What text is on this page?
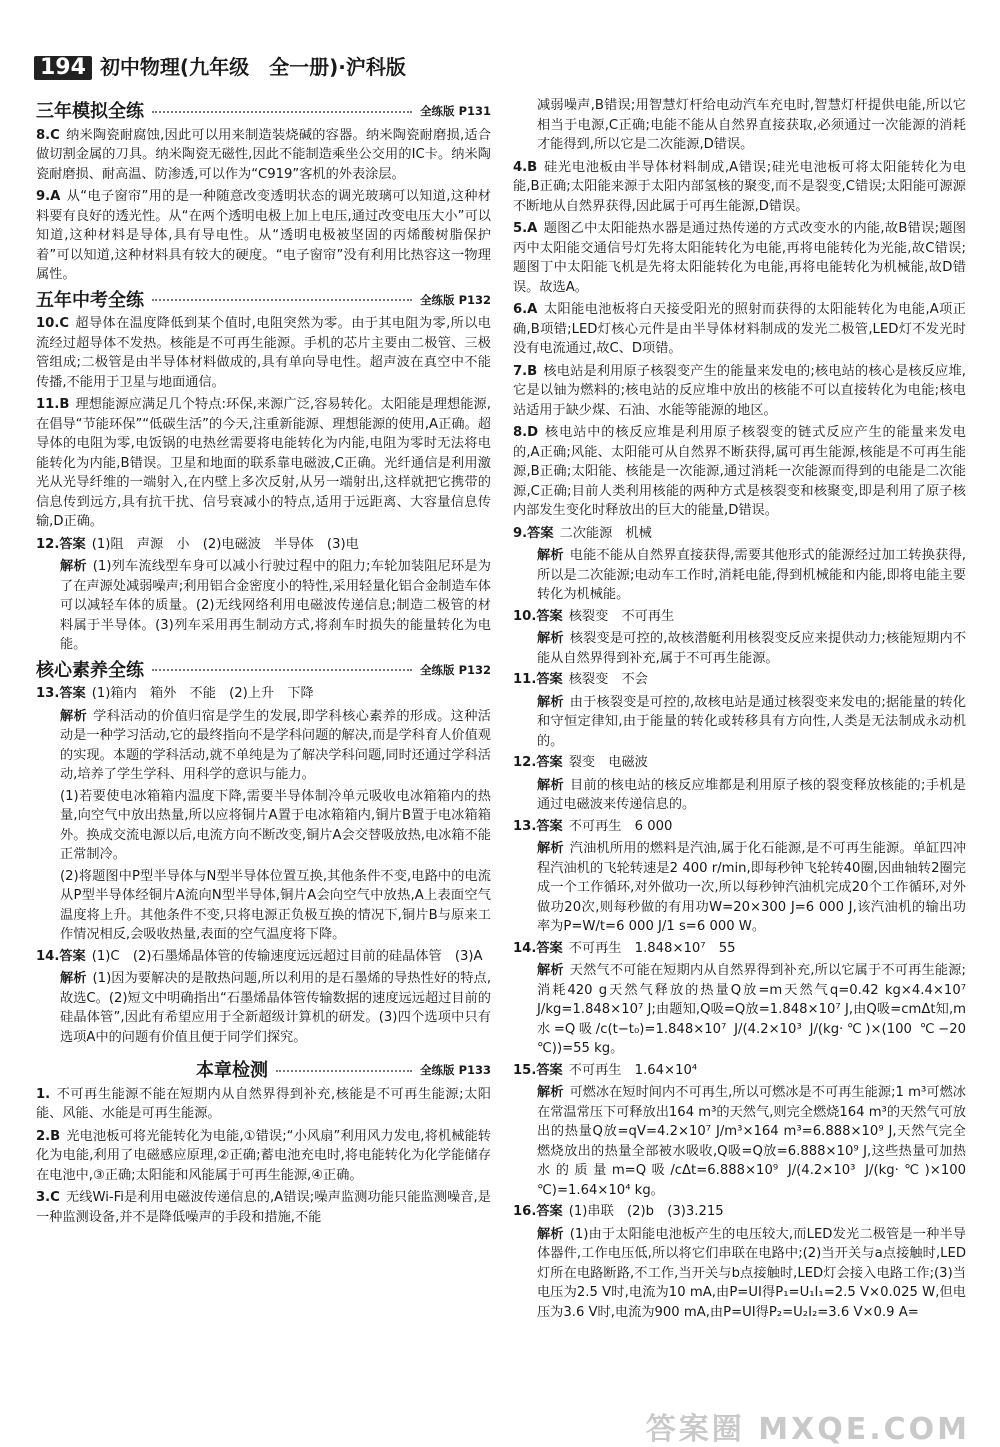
194 初中物理(九年级　全一册)·沪科版
三年模拟全练	全练版 P131

8.C 纳米陶瓷耐腐蚀,因此可以用来制造装烧碱的容器。纳米陶瓷耐磨损,适合做切割金属的刀具。纳米陶瓷无磁性,因此不能制造乘坐公交用的IC卡。纳米陶瓷耐磨损、耐高温、防渗透,可以作为“C919”客机的外表涂层。

9.A 从“电子窗帘”用的是一种随意改变透明状态的调光玻璃可以知道,这种材料要有良好的透光性。从“在两个透明电极上加上电压,通过改变电压大小”可以知道,这种材料是导体,具有导电性。从“透明电极被坚固的丙烯酸树脂保护着”可以知道,这种材料具有较大的硬度。“电子窗帘”没有利用比热容这一物理属性。

五年中考全练	全练版 P132

10.C 超导体在温度降低到某个值时,电阻突然为零。由于其电阻为零,所以电流经过超导体不发热。核能是不可再生能源。手机的芯片主要由二极管、三极管组成;二极管是由半导体材料做成的,具有单向导电性。超声波在真空中不能传播,不能用于卫星与地面通信。

11.B 理想能源应满足几个特点:环保,来源广泛,容易转化。太阳能是理想能源,在倡导“节能环保”“低碳生活”的今天,注重新能源、理想能源的使用,A正确。超导体的电阻为零,电饭锅的电热丝需要将电能转化为内能,电阻为零时无法将电能转化为内能,B错误。卫星和地面的联系靠电磁波,C正确。光纤通信是利用激光从光导纤维的一端射入,在内壁上多次反射,从另一端射出,这样就把它携带的信息传到远方,具有抗干扰、信号衰减小的特点,适用于远距离、大容量信息传输,D正确。

12.答案 (1)阻　声源　小　(2)电磁波　半导体　(3)电

解析 (1)列车流线型车身可以减小行驶过程中的阻力;车轮加装阻尼环是为了在声源处减弱噪声;利用铝合金密度小的特性,采用轻量化铝合金制造车体可以减轻车体的质量。(2)无线网络利用电磁波传递信息;制造二极管的材料属于半导体。(3)列车采用再生制动方式,将刹车时损失的能量转化为电能。

核心素养全练	全练版 P132

13.答案 (1)箱内　箱外　不能　(2)上升　下降

解析 学科活动的价值归宿是学生的发展,即学科核心素养的形成。这种活动是一种学习活动,它的最终指向不是学科问题的解决,而是学科育人价值观的实现。本题的学科活动,就不单纯是为了解决学科问题,同时还通过学科活动,培养了学生学科、用科学的意识与能力。

(1)若要使电冰箱箱内温度下降,需要半导体制冷单元吸收电冰箱箱内的热量,向空气中放出热量,所以应将铜片A置于电冰箱箱内,铜片B置于电冰箱箱外。换成交流电源以后,电流方向不断改变,铜片A会交替吸放热,电冰箱不能正常制冷。

(2)将题图中P型半导体与N型半导体位置互换,其他条件不变,电路中的电流从P型半导体经铜片A流向N型半导体,铜片A会向空气中放热,A上表面空气温度将上升。其他条件不变,只将电源正负极互换的情况下,铜片B与原来工作情况相反,会吸收热量,表面的空气温度将下降。

14.答案 (1)C　(2)石墨烯晶体管的传输速度远远超过目前的硅晶体管　(3)A

解析 (1)因为要解决的是散热问题,所以利用的是石墨烯的导热性好的特点,故选C。(2)短文中明确指出“石墨烯晶体管传输数据的速度远远超过目前的硅晶体管”,因此有希望应用于全新超级计算机的研发。(3)四个选项中只有选项A中的问题有价值且便于同学们探究。

本章检测	全练版 P133

1. 不可再生能源不能在短期内从自然界得到补充,核能是不可再生能源;太阳能、风能、水能是可再生能源。

2.B 光电池板可将光能转化为电能,①错误;“小风扇”利用风力发电,将机械能转化为电能,利用了电磁感应原理,②正确;蓄电池充电时,将电能转化为化学能储存在电池中,③正确;太阳能和风能属于可再生能源,④正确。

3.C 无线Wi-Fi是利用电磁波传递信息的,A错误;噪声监测功能只能监测噪音,是一种监测设备,并不是降低噪声的手段和措施,不能

减弱噪声,B错误;用智慧灯杆给电动汽车充电时,智慧灯杆提供电能,所以它相当于电源,C正确;电能不能从自然界直接获取,必须通过一次能源的消耗才能得到,所以它是二次能源,D错误。

4.B 硅光电池板由半导体材料制成,A错误;硅光电池板可将太阳能转化为电能,B正确;太阳能来源于太阳内部氢核的聚变,而不是裂变,C错误;太阳能可源源不断地从自然界获得,因此属于可再生能源,D错误。

5.A 题图乙中太阳能热水器是通过热传递的方式改变水的内能,故B错误;题图丙中太阳能交通信号灯先将太阳能转化为电能,再将电能转化为光能,故C错误;题图丁中太阳能飞机是先将太阳能转化为电能,再将电能转化为机械能,故D错误。故选A。

6.A 太阳能电池板将白天接受阳光的照射而获得的太阳能转化为电能,A项正确,B项错;LED灯核心元件是由半导体材料制成的发光二极管,LED灯不发光时没有电流通过,故C、D项错。

7.B 核电站是利用原子核裂变产生的能量来发电的;核电站的核心是核反应堆,它是以铀为燃料的;核电站的反应堆中放出的核能不可以直接转化为电能;核电站适用于缺少煤、石油、水能等能源的地区。

8.D 核电站中的核反应堆是利用原子核裂变的链式反应产生的能量来发电的,A正确;风能、太阳能可从自然界不断获得,属可再生能源,核能是不可再生能源,B正确;太阳能、核能是一次能源,通过消耗一次能源而得到的电能是二次能源,C正确;目前人类利用核能的两种方式是核裂变和核聚变,即是利用了原子核内部发生变化时释放出的巨大的能量,D错误。

9.答案 二次能源　机械

解析 电能不能从自然界直接获得,需要其他形式的能源经过加工转换获得,所以是二次能源;电动车工作时,消耗电能,得到机械能和内能,即将电能主要转化为机械能。

10.答案 核裂变　不可再生

解析 核裂变是可控的,故核潜艇利用核裂变反应来提供动力;核能短期内不能从自然界得到补充,属于不可再生能源。

11.答案 核裂变　不会

解析 由于核裂变是可控的,故核电站是通过核裂变来发电的;据能量的转化和守恒定律知,由于能量的转化或转移具有方向性,人类是无法制成永动机的。

12.答案 裂变　电磁波

解析 目前的核电站的核反应堆都是利用原子核的裂变释放核能的;手机是通过电磁波来传递信息的。

13.答案 不可再生　6 000

解析 汽油机所用的燃料是汽油,属于化石能源,是不可再生能源。单缸四冲程汽油机的飞轮转速是2 400 r/min,即每秒钟飞轮转40圈,因曲轴转2圈完成一个工作循环,对外做功一次,所以每秒钟汽油机完成20个工作循环,对外做功20次,则每秒做的有用功W=20×300 J=6 000 J,该汽油机的输出功率为P=W/t=6 000 J/1 s=6 000 W。

14.答案 不可再生　1.848×10⁷　55

解析 天然气不可能在短期内从自然界得到补充,所以它属于不可再生能源;消耗420 g天然气释放的热量Q放=m天然气q=0.42 kg×4.4×10⁷ J/kg=1.848×10⁷ J;由题知,Q吸=Q放=1.848×10⁷ J,由Q吸=cmΔt知,m水=Q吸/c(t−t₀)=1.848×10⁷ J/(4.2×10³ J/(kg·℃)×(100 ℃−20 ℃))=55 kg。

15.答案 不可再生　1.64×10⁴

解析 可燃冰在短时间内不可再生,所以可燃冰是不可再生能源;1 m³可燃冰在常温常压下可释放出164 m³的天然气,则完全燃烧164 m³的天然气可放出的热量Q放=qV=4.2×10⁷ J/m³×164 m³=6.888×10⁹ J,天然气完全燃烧放出的热量全部被水吸收,Q吸=Q放=6.888×10⁹ J,这些热量可加热水的质量m=Q吸/cΔt=6.888×10⁹ J/(4.2×10³ J/(kg·℃)×100 ℃)=1.64×10⁴ kg。

16.答案 (1)串联　(2)b　(3)3.215

解析 (1)由于太阳能电池板产生的电压较大,而LED发光二极管是一种半导体器件,工作电压低,所以将它们串联在电路中;(2)当开关与a点接触时,LED灯所在电路断路,不工作,当开关与b点接触时,LED灯会接入电路工作;(3)当电压为2.5 V时,电流为10 mA,由P=UI得P₁=U₁I₁=2.5 V×0.025 W,但电压为3.6 V时,电流为900 mA,由P=UI得P₂=U₂I₂=3.6 V×0.9 A=

答案圈 MXQE.COM
